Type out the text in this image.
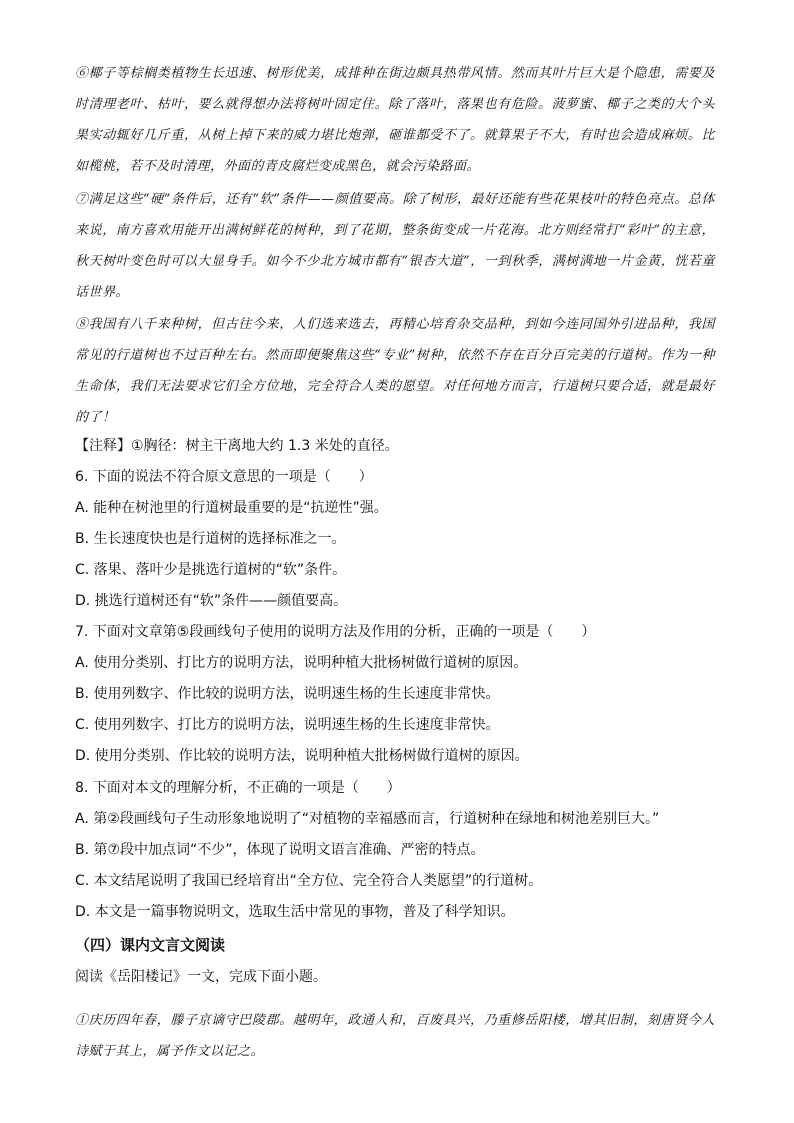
⑥椰子等棕榈类植物生长迅速、树形优美，成排种在街边颇具热带风情。然而其叶片巨大是个隐患，需要及时清理老叶、枯叶，要么就得想办法将树叶固定住。除了落叶，落果也有危险。菠萝蜜、椰子之类的大个头果实动辄好几斤重，从树上掉下来的威力堪比炮弹，砸谁都受不了。就算果子不大，有时也会造成麻烦。比如榄桃，若不及时清理，外面的青皮腐烂变成黑色，就会污染路面。

⑦满足这些“硬”条件后，还有“软”条件——颜值要高。除了树形，最好还能有些花果枝叶的特色亮点。总体来说，南方喜欢用能开出满树鲜花的树种，到了花期，整条街变成一片花海。北方则经常打“彩叶”的主意，秋天树叶变色时可以大显身手。如今不少北方城市都有“银杏大道”，一到秋季，满树满地一片金黄，恍若童话世界。

⑧我国有八千来种树，但古往今来，人们选来选去，再精心培育杂交品种，到如今连同国外引进品种，我国常见的行道树也不过百种左右。然而即便聚焦这些“专业”树种，依然不存在百分百完美的行道树。作为一种生命体，我们无法要求它们全方位地，完全符合人类的愿望。对任何地方而言，行道树只要合适，就是最好的了！

【注释】①胸径：树主干离地大约 1.3 米处的直径。

6. 下面的说法不符合原文意思的一项是（　　）

A. 能种在树池里的行道树最重要的是“抗逆性”强。

B. 生长速度快也是行道树的选择标准之一。

C. 落果、落叶少是挑选行道树的“软”条件。

D. 挑选行道树还有“软”条件——颜值要高。

7. 下面对文章第⑤段画线句子使用的说明方法及作用的分析，正确的一项是（　　）

A. 使用分类别、打比方的说明方法，说明种植大批杨树做行道树的原因。

B. 使用列数字、作比较的说明方法，说明速生杨的生长速度非常快。

C. 使用列数字、打比方的说明方法，说明速生杨的生长速度非常快。

D. 使用分类别、作比较的说明方法，说明种植大批杨树做行道树的原因。

8. 下面对本文的理解分析，不正确的一项是（　　）

A. 第②段画线句子生动形象地说明了“对植物的幸福感而言，行道树种在绿地和树池差别巨大。”

B. 第⑦段中加点词“不少”，体现了说明文语言准确、严密的特点。

C. 本文结尾说明了我国已经培育出“全方位、完全符合人类愿望”的行道树。

D. 本文是一篇事物说明文，选取生活中常见的事物，普及了科学知识。

（四）课内文言文阅读

阅读《岳阳楼记》一文，完成下面小题。

①庆历四年春，滕子京谪守巴陵郡。越明年，政通人和，百废具兴，乃重修岳阳楼，增其旧制，刻唐贤今人诗赋于其上，属予作文以记之。
